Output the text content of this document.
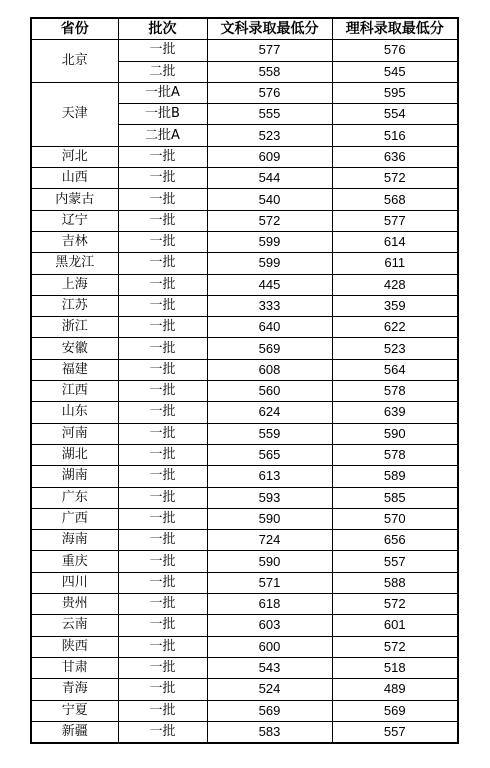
省份	批次	文科录取最低分	理科录取最低分
北京	一批	577	576
	二批	558	545
天津	一批A	576	595
	一批B	555	554
	二批A	523	516
河北	一批	609	636
山西	一批	544	572
内蒙古	一批	540	568
辽宁	一批	572	577
吉林	一批	599	614
黑龙江	一批	599	611
上海	一批	445	428
江苏	一批	333	359
浙江	一批	640	622
安徽	一批	569	523
福建	一批	608	564
江西	一批	560	578
山东	一批	624	639
河南	一批	559	590
湖北	一批	565	578
湖南	一批	613	589
广东	一批	593	585
广西	一批	590	570
海南	一批	724	656
重庆	一批	590	557
四川	一批	571	588
贵州	一批	618	572
云南	一批	603	601
陕西	一批	600	572
甘肃	一批	543	518
青海	一批	524	489
宁夏	一批	569	569
新疆	一批	583	557
